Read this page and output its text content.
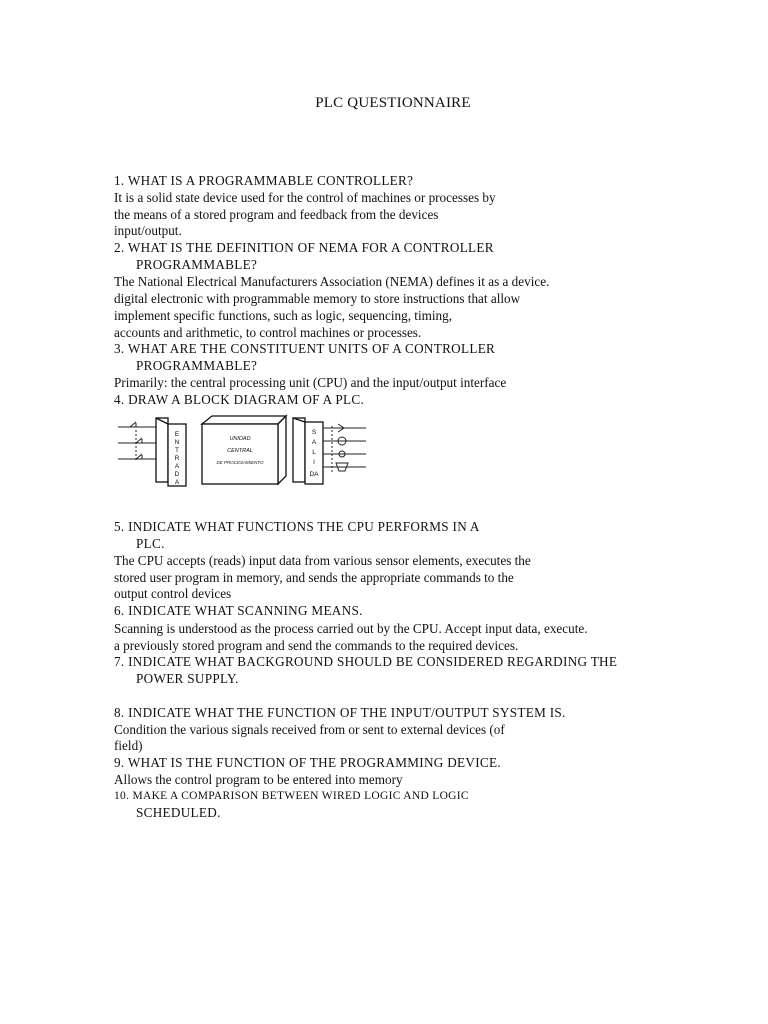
PLC QUESTIONNAIRE
1. WHAT IS A PROGRAMMABLE CONTROLLER?
It is a solid state device used for the control of machines or processes by
the means of a stored program and feedback from the devices
input/output.
2. WHAT IS THE DEFINITION OF NEMA FOR A CONTROLLER
PROGRAMMABLE?
The National Electrical Manufacturers Association (NEMA) defines it as a device.
digital electronic with programmable memory to store instructions that allow
implement specific functions, such as logic, sequencing, timing,
accounts and arithmetic, to control machines or processes.
3. WHAT ARE THE CONSTITUENT UNITS OF A CONTROLLER
PROGRAMMABLE?
Primarily: the central processing unit (CPU) and the input/output interface
4. DRAW A BLOCK DIAGRAM OF A PLC.
E
N
T
R
A
D
A
UNIDAD
CENTRAL
DE PROCESAMIENTO
S
A
L
I
DA
5. INDICATE WHAT FUNCTIONS THE CPU PERFORMS IN A
PLC.
The CPU accepts (reads) input data from various sensor elements, executes the
stored user program in memory, and sends the appropriate commands to the
output control devices
6. INDICATE WHAT SCANNING MEANS.
Scanning is understood as the process carried out by the CPU. Accept input data, execute.
a previously stored program and send the commands to the required devices.
7. INDICATE WHAT BACKGROUND SHOULD BE CONSIDERED REGARDING THE
POWER SUPPLY.
8. INDICATE WHAT THE FUNCTION OF THE INPUT/OUTPUT SYSTEM IS.
Condition the various signals received from or sent to external devices (of
field)
9. WHAT IS THE FUNCTION OF THE PROGRAMMING DEVICE.
Allows the control program to be entered into memory
10. MAKE A COMPARISON BETWEEN WIRED LOGIC AND LOGIC
SCHEDULED.
